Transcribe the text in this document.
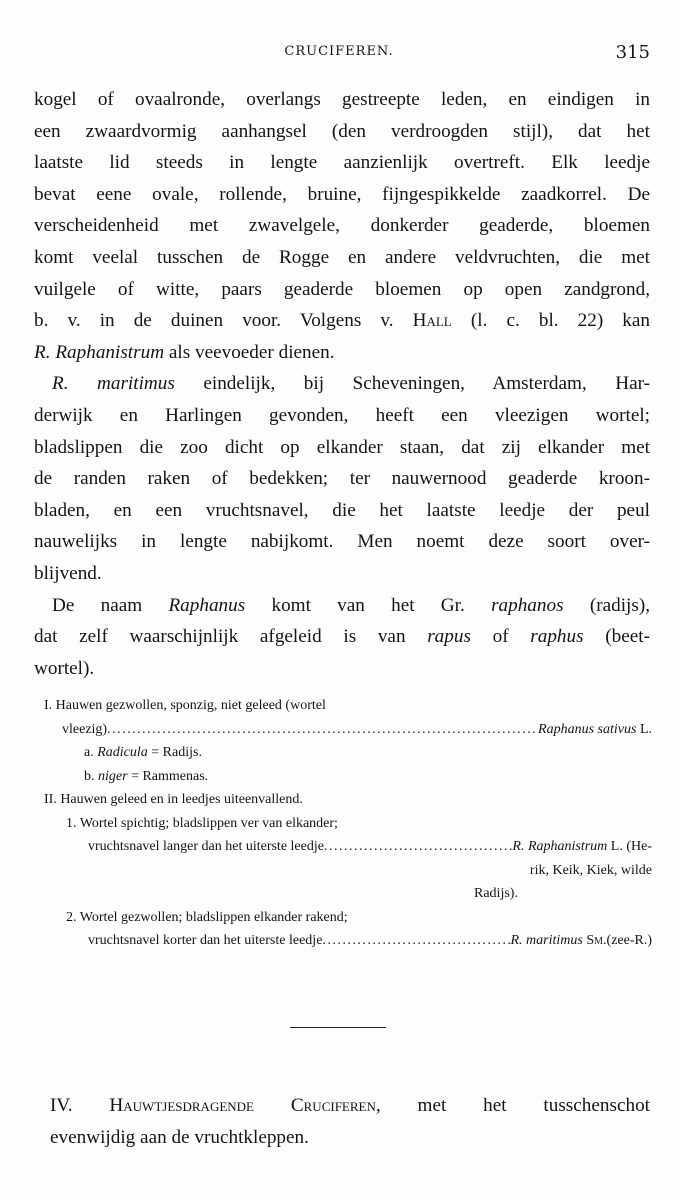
CRUCIFEREN.	315
kogel of ovaalronde, overlangs gestreepte leden, en eindigen in
een zwaardvormig aanhangsel (den verdroogden stijl), dat het
laatste lid steeds in lengte aanzienlijk overtreft. Elk leedje
bevat eene ovale, rollende, bruine, fijngespikkelde zaadkorrel. De
verscheidenheid met zwavelgele, donkerder geaderde, bloemen
komt veelal tusschen de Rogge en andere veldvruchten, die met
vuilgele of witte, paars geaderde bloemen op open zandgrond,
b. v. in de duinen voor. Volgens v. Hall (l. c. bl. 22) kan
R. Raphanistrum als veevoeder dienen.
R. maritimus eindelijk, bij Scheveningen, Amsterdam, Har-
derwijk en Harlingen gevonden, heeft een vleezigen wortel;
bladslippen die zoo dicht op elkander staan, dat zij elkander met
de randen raken of bedekken; ter nauwernood geaderde kroon-
bladen, en een vruchtsnavel, die het laatste leedje der peul
nauwelijks in lengte nabijkomt. Men noemt deze soort over-
blijvend.
De naam Raphanus komt van het Gr. raphanos (radijs),
dat zelf waarschijnlijk afgeleid is van rapus of raphus (beet-
wortel).
I. Hauwen gezwollen, sponzig, niet geleed (wortel
vleezig) . . .	Raphanus sativus
L.
a. Radicula = Radijs.
b. niger = Rammenas.
II. Hauwen geleed en in leedjes uiteenvallend.
1. Wortel spichtig; bladslippen ver van elkander;
vruchtsnavel langer dan het uiterste leedje . . .	R. Raphanistrum
L. (He-
rik, Keik, Kiek, wilde
Radijs).
2. Wortel gezwollen; bladslippen elkander rakend;
vruchtsnavel korter dan het uiterste leedje . . .	R. maritimus
Sm. (zee-R.)
IV. Hauwtjesdragende Cruciferen, met het tusschenschot
evenwijdig aan de vruchtkleppen.
